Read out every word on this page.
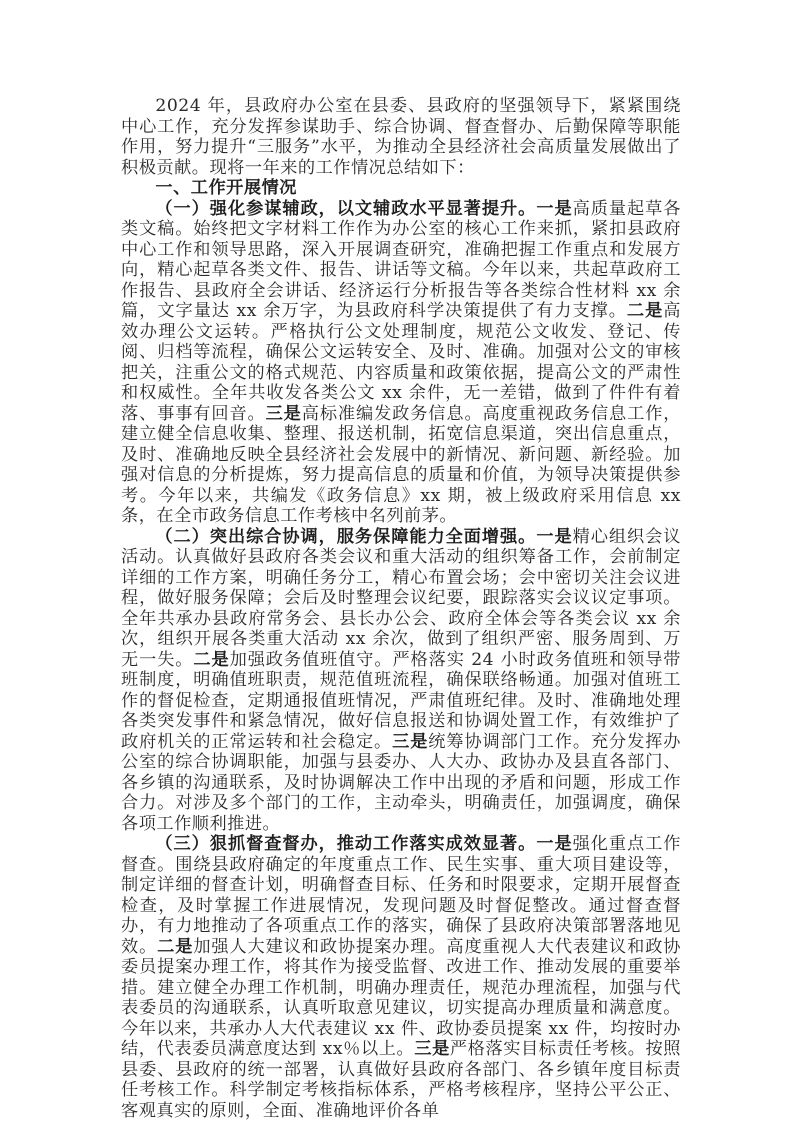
2024 年，县政府办公室在县委、县政府的坚强领导下，紧紧围绕中心工作，充分发挥参谋助手、综合协调、督查督办、后勤保障等职能作用，努力提升“三服务”水平，为推动全县经济社会高质量发展做出了积极贡献。现将一年来的工作情况总结如下：

一、工作开展情况

（一）强化参谋辅政，以文辅政水平显著提升。一是高质量起草各类文稿。始终把文字材料工作作为办公室的核心工作来抓，紧扣县政府中心工作和领导思路，深入开展调查研究，准确把握工作重点和发展方向，精心起草各类文件、报告、讲话等文稿。今年以来，共起草政府工作报告、县政府全会讲话、经济运行分析报告等各类综合性材料 xx 余篇，文字量达 xx 余万字，为县政府科学决策提供了有力支撑。二是高效办理公文运转。严格执行公文处理制度，规范公文收发、登记、传阅、归档等流程，确保公文运转安全、及时、准确。加强对公文的审核把关，注重公文的格式规范、内容质量和政策依据，提高公文的严肃性和权威性。全年共收发各类公文 xx 余件，无一差错，做到了件件有着落、事事有回音。三是高标准编发政务信息。高度重视政务信息工作，建立健全信息收集、整理、报送机制，拓宽信息渠道，突出信息重点，及时、准确地反映全县经济社会发展中的新情况、新问题、新经验。加强对信息的分析提炼，努力提高信息的质量和价值，为领导决策提供参考。今年以来，共编发《政务信息》xx 期，被上级政府采用信息 xx 条，在全市政务信息工作考核中名列前茅。

（二）突出综合协调，服务保障能力全面增强。一是精心组织会议活动。认真做好县政府各类会议和重大活动的组织筹备工作，会前制定详细的工作方案，明确任务分工，精心布置会场；会中密切关注会议进程，做好服务保障；会后及时整理会议纪要，跟踪落实会议议定事项。全年共承办县政府常务会、县长办公会、政府全体会等各类会议 xx 余次，组织开展各类重大活动 xx 余次，做到了组织严密、服务周到、万无一失。二是加强政务值班值守。严格落实 24 小时政务值班和领导带班制度，明确值班职责，规范值班流程，确保联络畅通。加强对值班工作的督促检查，定期通报值班情况，严肃值班纪律。及时、准确地处理各类突发事件和紧急情况，做好信息报送和协调处置工作，有效维护了政府机关的正常运转和社会稳定。三是统筹协调部门工作。充分发挥办公室的综合协调职能，加强与县委办、人大办、政协办及县直各部门、各乡镇的沟通联系，及时协调解决工作中出现的矛盾和问题，形成工作合力。对涉及多个部门的工作，主动牵头，明确责任，加强调度，确保各项工作顺利推进。

（三）狠抓督查督办，推动工作落实成效显著。一是强化重点工作督查。围绕县政府确定的年度重点工作、民生实事、重大项目建设等，制定详细的督查计划，明确督查目标、任务和时限要求，定期开展督查检查，及时掌握工作进展情况，发现问题及时督促整改。通过督查督办，有力地推动了各项重点工作的落实，确保了县政府决策部署落地见效。二是加强人大建议和政协提案办理。高度重视人大代表建议和政协委员提案办理工作，将其作为接受监督、改进工作、推动发展的重要举措。建立健全办理工作机制，明确办理责任，规范办理流程，加强与代表委员的沟通联系，认真听取意见建议，切实提高办理质量和满意度。今年以来，共承办人大代表建议 xx 件、政协委员提案 xx 件，均按时办结，代表委员满意度达到 xx％以上。三是严格落实目标责任考核。按照县委、县政府的统一部署，认真做好县政府各部门、各乡镇年度目标责任考核工作。科学制定考核指标体系，严格考核程序，坚持公平公正、客观真实的原则，全面、准确地评价各单
